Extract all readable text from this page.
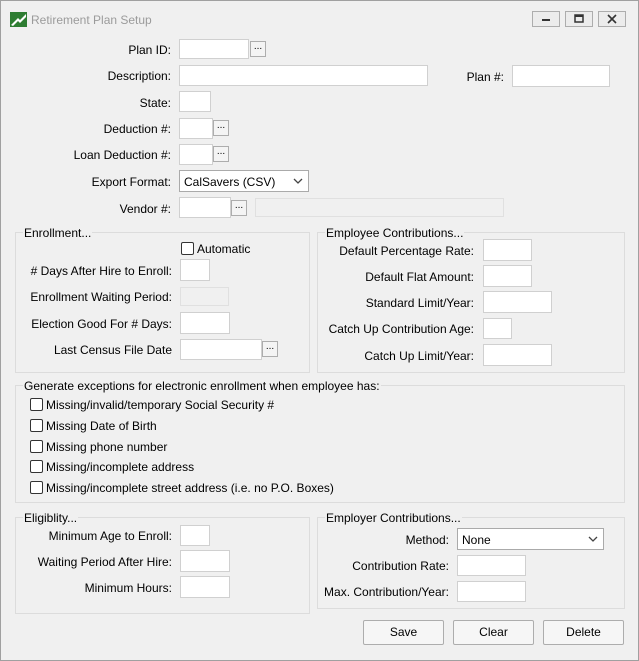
Retirement Plan Setup
Plan ID:	...
Description:	Plan #:
State:
Deduction #:	...
Loan Deduction #:	...
Export Format: CalSavers (CSV)
Vendor #:	...
Enrollment...
Automatic
# Days After Hire to Enroll:
Enrollment Waiting Period:
Election Good For # Days:
Last Census File Date	...
Employee Contributions...
Default Percentage Rate:
Default Flat Amount:
Standard Limit/Year:
Catch Up Contribution Age:
Catch Up Limit/Year:
Generate exceptions for electronic enrollment when employee has:
Missing/invalid/temporary Social Security #
Missing Date of Birth
Missing phone number
Missing/incomplete address
Missing/incomplete street address (i.e. no P.O. Boxes)
Eligiblity...
Minimum Age to Enroll:
Waiting Period After Hire:
Minimum Hours:
Employer Contributions...
Method: None
Contribution Rate:
Max. Contribution/Year:
Save	Clear	Delete
